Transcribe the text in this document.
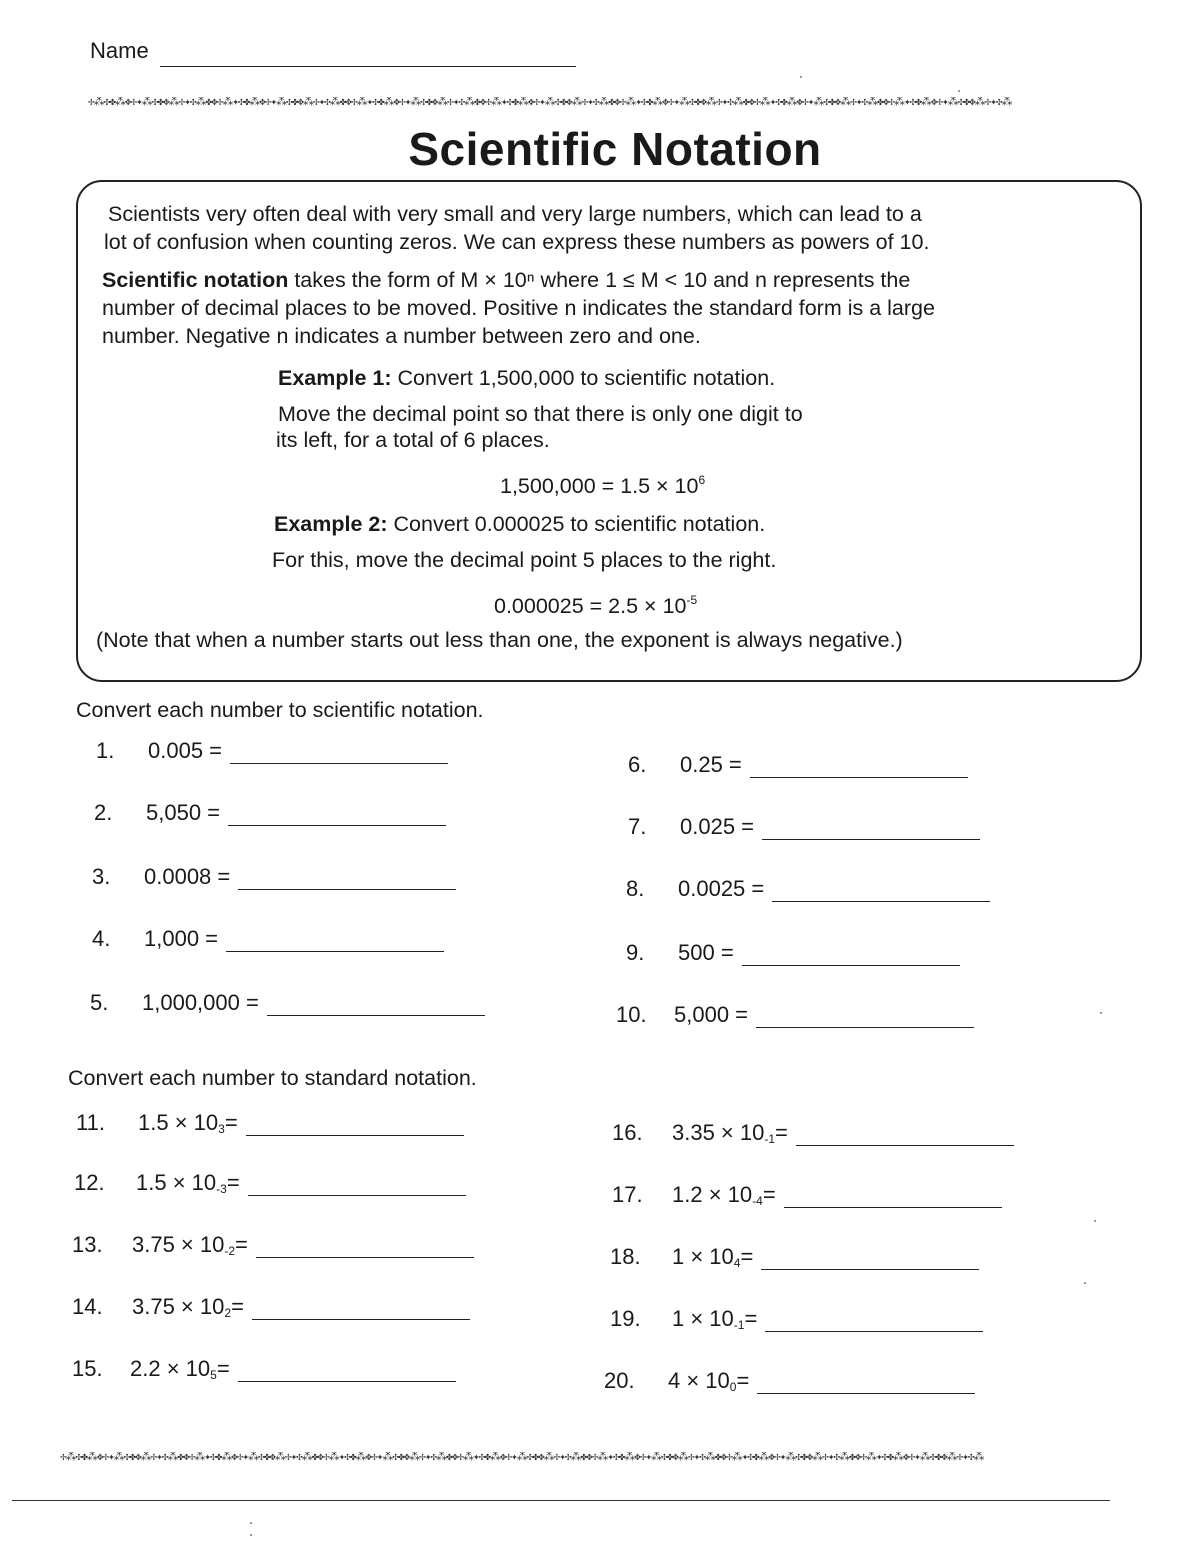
Name
✢⁂✣✤⁂✥✢✦⁂✣✤✥⁂✢✦✣⁂✤✥✢⁂✦✣✤⁂✥✢✦⁂✣✤✥⁂✢✦✣⁂✤✥✢⁂✦✣✤⁂✥✢✦⁂✣✤✥⁂✢✦✣⁂✤✥✢⁂✦✣✤⁂✥✢✦⁂✣✤✥⁂✢✦✣⁂✤✥✢⁂✦✣✤⁂✥✢✦⁂✣✤✥⁂✢✦✣⁂✤✥✢⁂✦✣✤⁂✥✢✦⁂✣✤✥⁂✢✦✣⁂✤✥✢⁂✦✣✤⁂✥✢✦⁂✣✤✥⁂✢✦✣⁂
Scientific Notation
Scientists very often deal with very small and very large numbers, which can lead to a
lot of confusion when counting zeros. We can express these numbers as powers of 10.
Scientific notation takes the form of M × 10ⁿ where 1 ≤ M < 10 and n represents the
number of decimal places to be moved. Positive n indicates the standard form is a large
number. Negative n indicates a number between zero and one.
Example 1: Convert 1,500,000 to scientific notation.
Move the decimal point so that there is only one digit to
its left, for a total of 6 places.
$1,500,000 = 1.5 \times 10^6$
Example 2: Convert 0.000025 to scientific notation.
For this, move the decimal point 5 places to the right.
$0.000025 = 2.5 \times 10^{-5}$
(Note that when a number starts out less than one, the exponent is always negative.)
Convert each number to scientific notation.
1.	0.005 =
2.	5,050 =
3.	0.0008 =
4.	1,000 =
5.	1,000,000 =
6.	0.25 =
7.	0.025 =
8.	0.0025 =
9.	500 =
10.	5,000 =
Convert each number to standard notation.
11.	1.5 × 10 3 =
12.	1.5 × 10 -3 =
13.	3.75 × 10 -2 =
14.	3.75 × 10 2 =
15.	2.2 × 10 5 =
16.	3.35 × 10 -1 =
17.	1.2 × 10 -4 =
18.	1 × 10 4 =
19.	1 × 10 -1 =
20.	4 × 10 0 =
✢⁂✣✤⁂✥✢✦⁂✣✤✥⁂✢✦✣⁂✤✥✢⁂✦✣✤⁂✥✢✦⁂✣✤✥⁂✢✦✣⁂✤✥✢⁂✦✣✤⁂✥✢✦⁂✣✤✥⁂✢✦✣⁂✤✥✢⁂✦✣✤⁂✥✢✦⁂✣✤✥⁂✢✦✣⁂✤✥✢⁂✦✣✤⁂✥✢✦⁂✣✤✥⁂✢✦✣⁂✤✥✢⁂✦✣✤⁂✥✢✦⁂✣✤✥⁂✢✦✣⁂✤✥✢⁂✦✣✤⁂✥✢✦⁂✣✤✥⁂✢✦✣⁂
